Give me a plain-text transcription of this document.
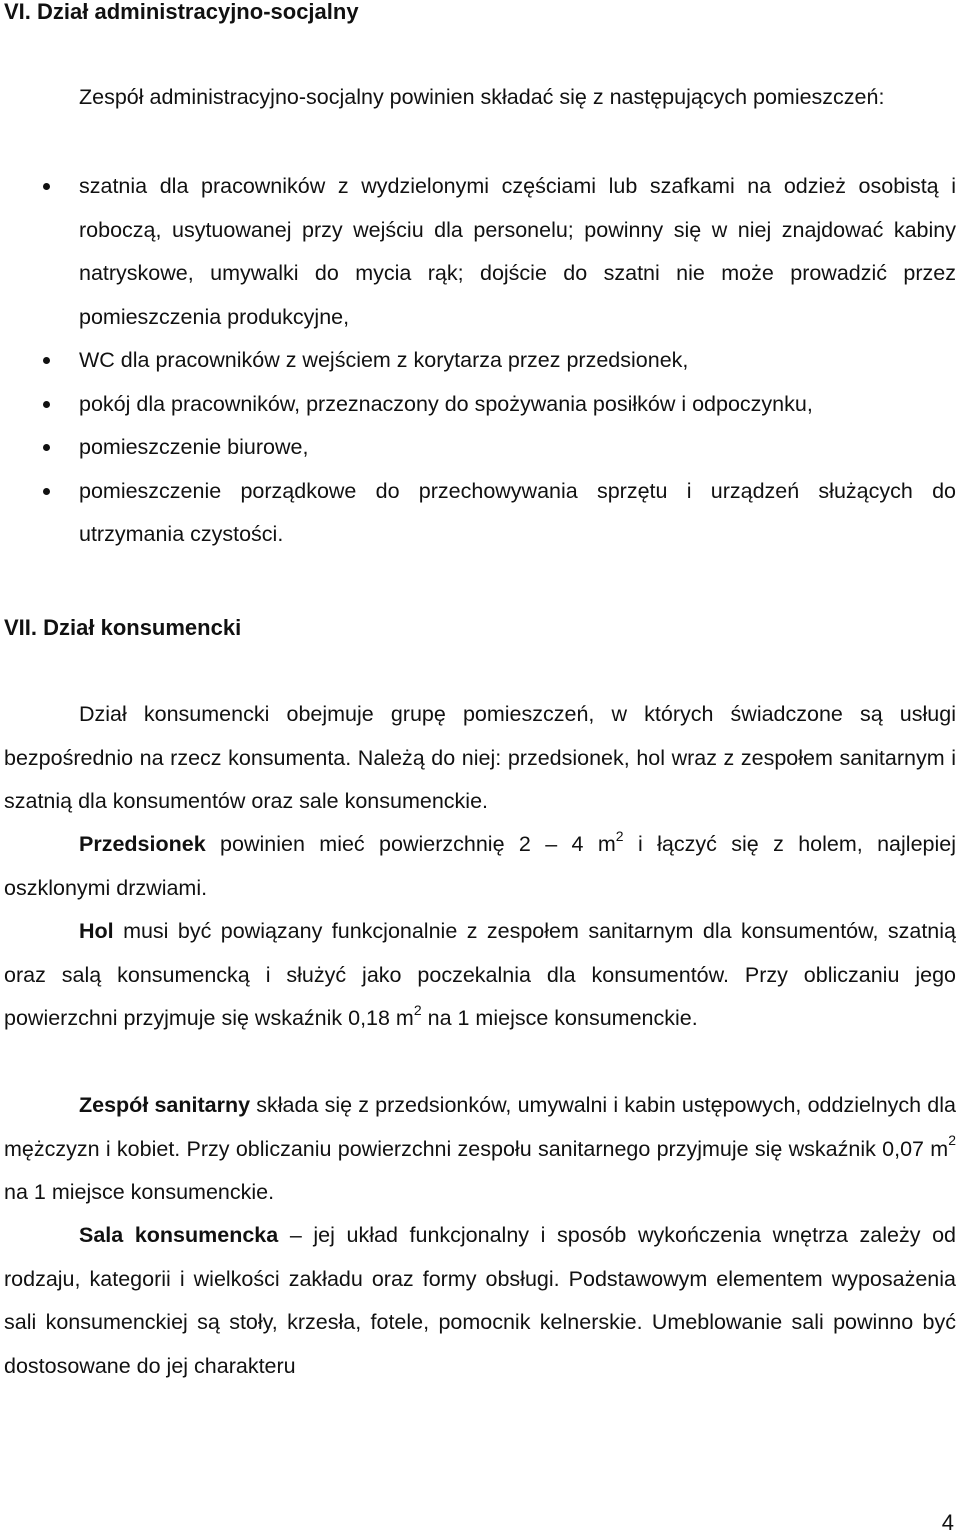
VI. Dział administracyjno-socjalny

Zespół administracyjno-socjalny powinien składać się z następujących pomieszczeń:

szatnia dla pracowników z wydzielonymi częściami lub szafkami na odzież osobistą i roboczą, usytuowanej przy wejściu dla personelu; powinny się w niej znajdować kabiny natryskowe, umywalki do mycia rąk; dojście do szatni nie może prowadzić przez pomieszczenia produkcyjne,
WC dla pracowników z wejściem z korytarza przez przedsionek,
pokój dla pracowników, przeznaczony do spożywania posiłków i odpoczynku,
pomieszczenie biurowe,
pomieszczenie porządkowe do przechowywania sprzętu i urządzeń służących do utrzymania czystości.
VII. Dział konsumencki

Dział konsumencki obejmuje grupę pomieszczeń, w których świadczone są usługi bezpośrednio na rzecz konsumenta. Należą do niej: przedsionek, hol wraz z zespołem sanitarnym i szatnią dla konsumentów oraz sale konsumenckie.

Przedsionek powinien mieć powierzchnię 2 – 4 $m^2$ i łączyć się z holem, najlepiej oszklonymi drzwiami.

Hol musi być powiązany funkcjonalnie z zespołem sanitarnym dla konsumentów, szatnią oraz salą konsumencką i służyć jako poczekalnia dla konsumentów. Przy obliczaniu jego powierzchni przyjmuje się wskaźnik 0,18 $m^2$ na 1 miejsce konsumenckie.

Zespół sanitarny składa się z przedsionków, umywalni i kabin ustępowych, oddzielnych dla mężczyzn i kobiet. Przy obliczaniu powierzchni zespołu sanitarnego przyjmuje się wskaźnik 0,07 $m^2$ na 1 miejsce konsumenckie.

Sala konsumencka – jej układ funkcjonalny i sposób wykończenia wnętrza zależy od rodzaju, kategorii i wielkości zakładu oraz formy obsługi. Podstawowym elementem wyposażenia sali konsumenckiej są stoły, krzesła, fotele, pomocnik kelnerskie. Umeblowanie sali powinno być dostosowane do jej charakteru

4
